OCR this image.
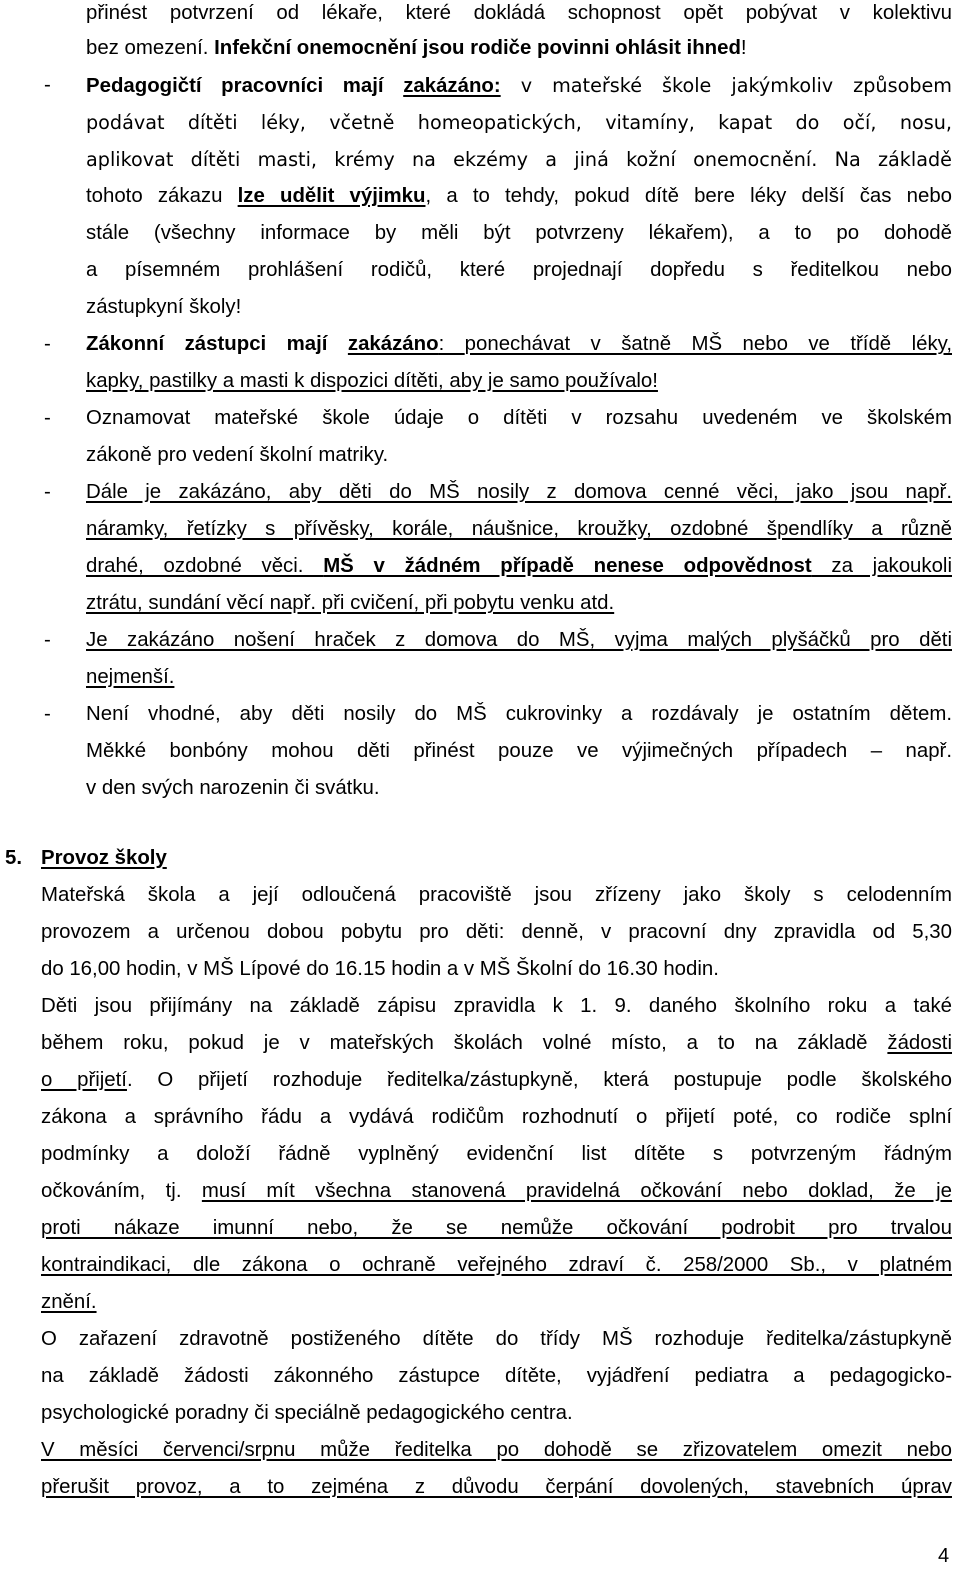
přinést potvrzení od lékaře, které dokládá schopnost opět pobývat v kolektivu
bez omezení. Infekční onemocnění jsou rodiče povinni ohlásit ihned!
-	Pedagogičtí pracovníci mají zakázáno: v mateřské škole jakýmkoliv způsobem
podávat dítěti léky, včetně homeopatických, vitamíny, kapat do očí, nosu,
aplikovat dítěti masti, krémy na ekzémy a jiná kožní onemocnění. Na základě
tohoto zákazu lze udělit výjimku, a to tehdy, pokud dítě bere léky delší čas nebo
stále (všechny informace by měli být potvrzeny lékařem), a to po dohodě
a písemném prohlášení rodičů, které projednají dopředu s ředitelkou nebo
zástupkyní školy!
-	Zákonní zástupci mají zakázáno: ponechávat v šatně MŠ nebo ve třídě léky,
kapky, pastilky a masti k dispozici dítěti, aby je samo používalo!
-	Oznamovat mateřské škole údaje o dítěti v rozsahu uvedeném ve školském
zákoně pro vedení školní matriky.
-	Dále je zakázáno, aby děti do MŠ nosily z domova cenné věci, jako jsou např.
náramky, řetízky s přívěsky, korále, náušnice, kroužky, ozdobné špendlíky a různě
drahé, ozdobné věci. MŠ v žádném případě nenese odpovědnost za jakoukoli
ztrátu, sundání věcí např. při cvičení, při pobytu venku atd.
-	Je zakázáno nošení hraček z domova do MŠ, vyjma malých plyšáčků pro děti
nejmenší.
-	Není vhodné, aby děti nosily do MŠ cukrovinky a rozdávaly je ostatním dětem.
Měkké bonbóny mohou děti přinést pouze ve výjimečných případech – např.
v den svých narozenin či svátku.
5. Provoz školy
Mateřská škola a její odloučená pracoviště jsou zřízeny jako školy s celodenním
provozem a určenou dobou pobytu pro děti: denně, v pracovní dny zpravidla od 5,30
do 16,00 hodin, v MŠ Lípové do 16.15 hodin a v MŠ Školní do 16.30 hodin.
Děti jsou přijímány na základě zápisu zpravidla k 1. 9. daného školního roku a také
během roku, pokud je v mateřských školách volné místo, a to na základě žádosti
o přijetí. O přijetí rozhoduje ředitelka/zástupkyně, která postupuje podle školského
zákona a správního řádu a vydává rodičům rozhodnutí o přijetí poté, co rodiče splní
podmínky a doloží řádně vyplněný evidenční list dítěte s potvrzeným řádným
očkováním, tj. musí mít všechna stanovená pravidelná očkování nebo doklad, že je
proti nákaze imunní nebo, že se nemůže očkování podrobit pro trvalou
kontraindikaci, dle zákona o ochraně veřejného zdraví č. 258/2000 Sb., v platném
znění.
O zařazení zdravotně postiženého dítěte do třídy MŠ rozhoduje ředitelka/zástupkyně
na základě žádosti zákonného zástupce dítěte, vyjádření pediatra a pedagogicko-
psychologické poradny či speciálně pedagogického centra.
V měsíci červenci/srpnu může ředitelka po dohodě se zřizovatelem omezit nebo
přerušit provoz, a to zejména z důvodu čerpání dovolených, stavebních úprav
4
